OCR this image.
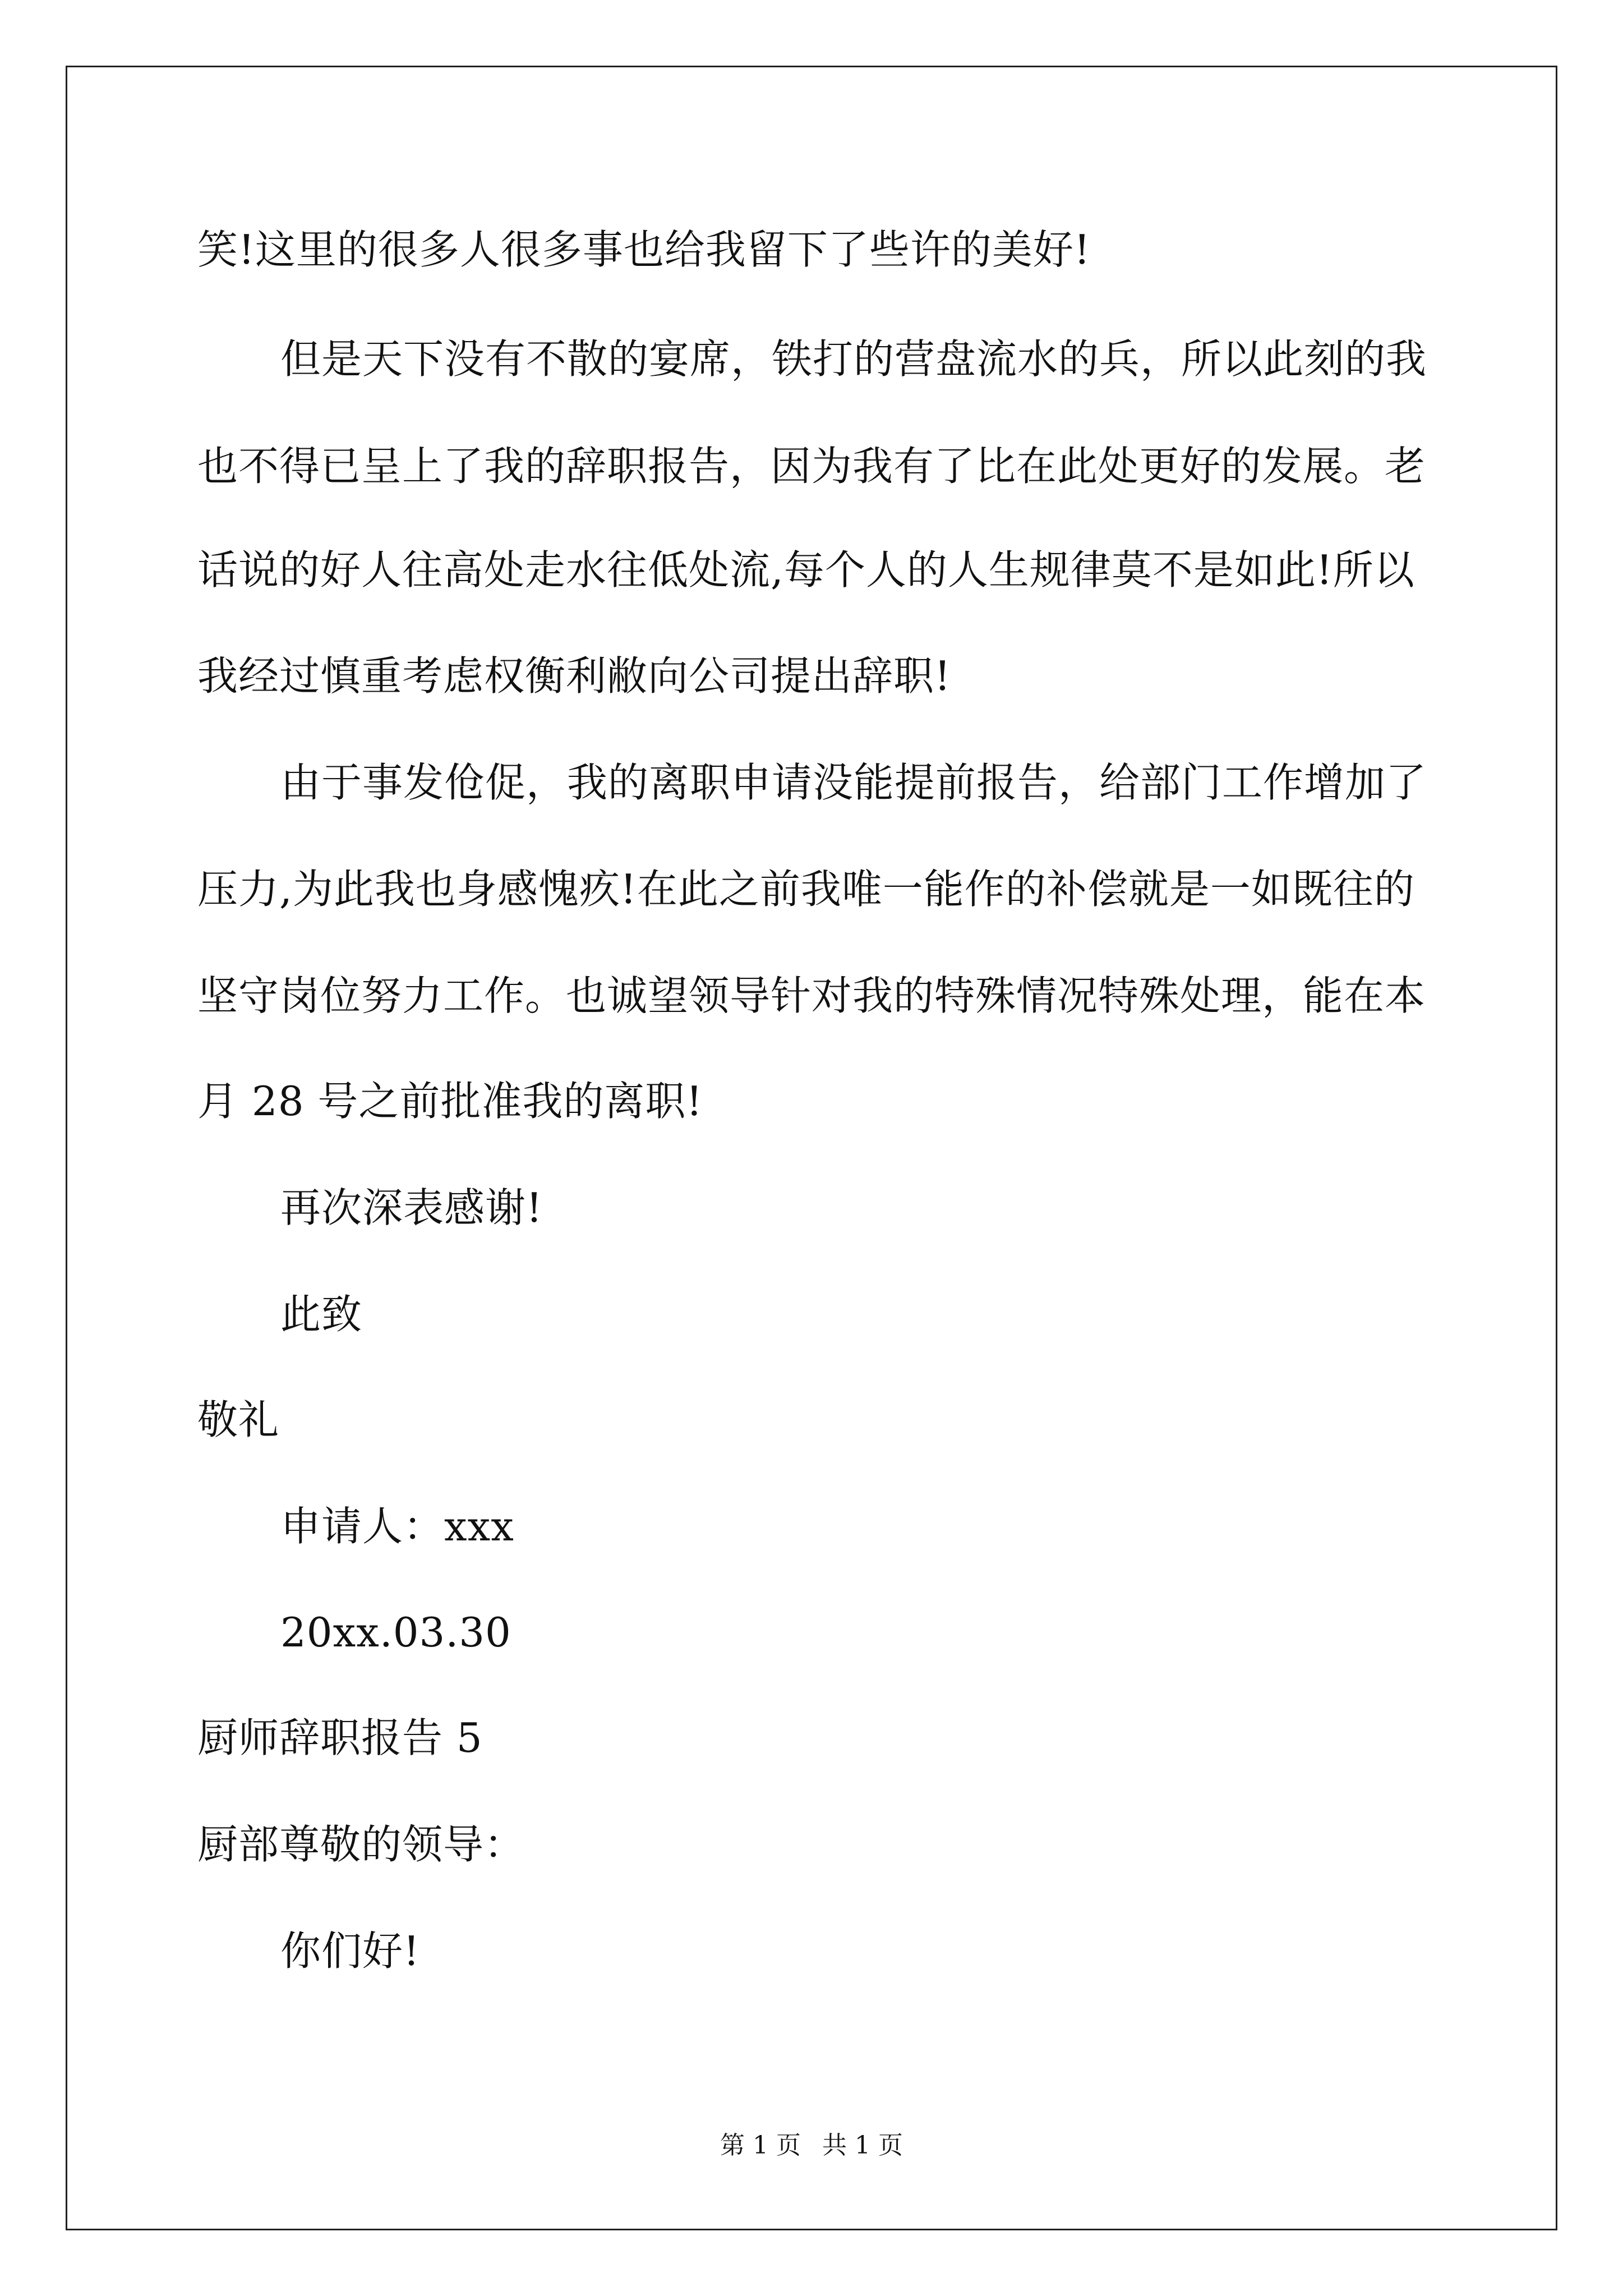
笑!这里的很多人很多事也给我留下了些许的美好!
但是天下没有不散的宴席，铁打的营盘流水的兵，所以此刻的我
也不得已呈上了我的辞职报告，因为我有了比在此处更好的发展。老
话说的好人往高处走水往低处流,每个人的人生规律莫不是如此!所以
我经过慎重考虑权衡利敝向公司提出辞职!
由于事发伧促，我的离职申请没能提前报告，给部门工作增加了
压力,为此我也身感愧疚!在此之前我唯一能作的补偿就是一如既往的
坚守岗位努力工作。也诚望领导针对我的特殊情况特殊处理，能在本
月 28 号之前批准我的离职!
再次深表感谢!
此致
敬礼
申请人：xxx
20xx.03.30
厨师辞职报告 5
厨部尊敬的领导：
你们好!
第 1 页 共 1 页
